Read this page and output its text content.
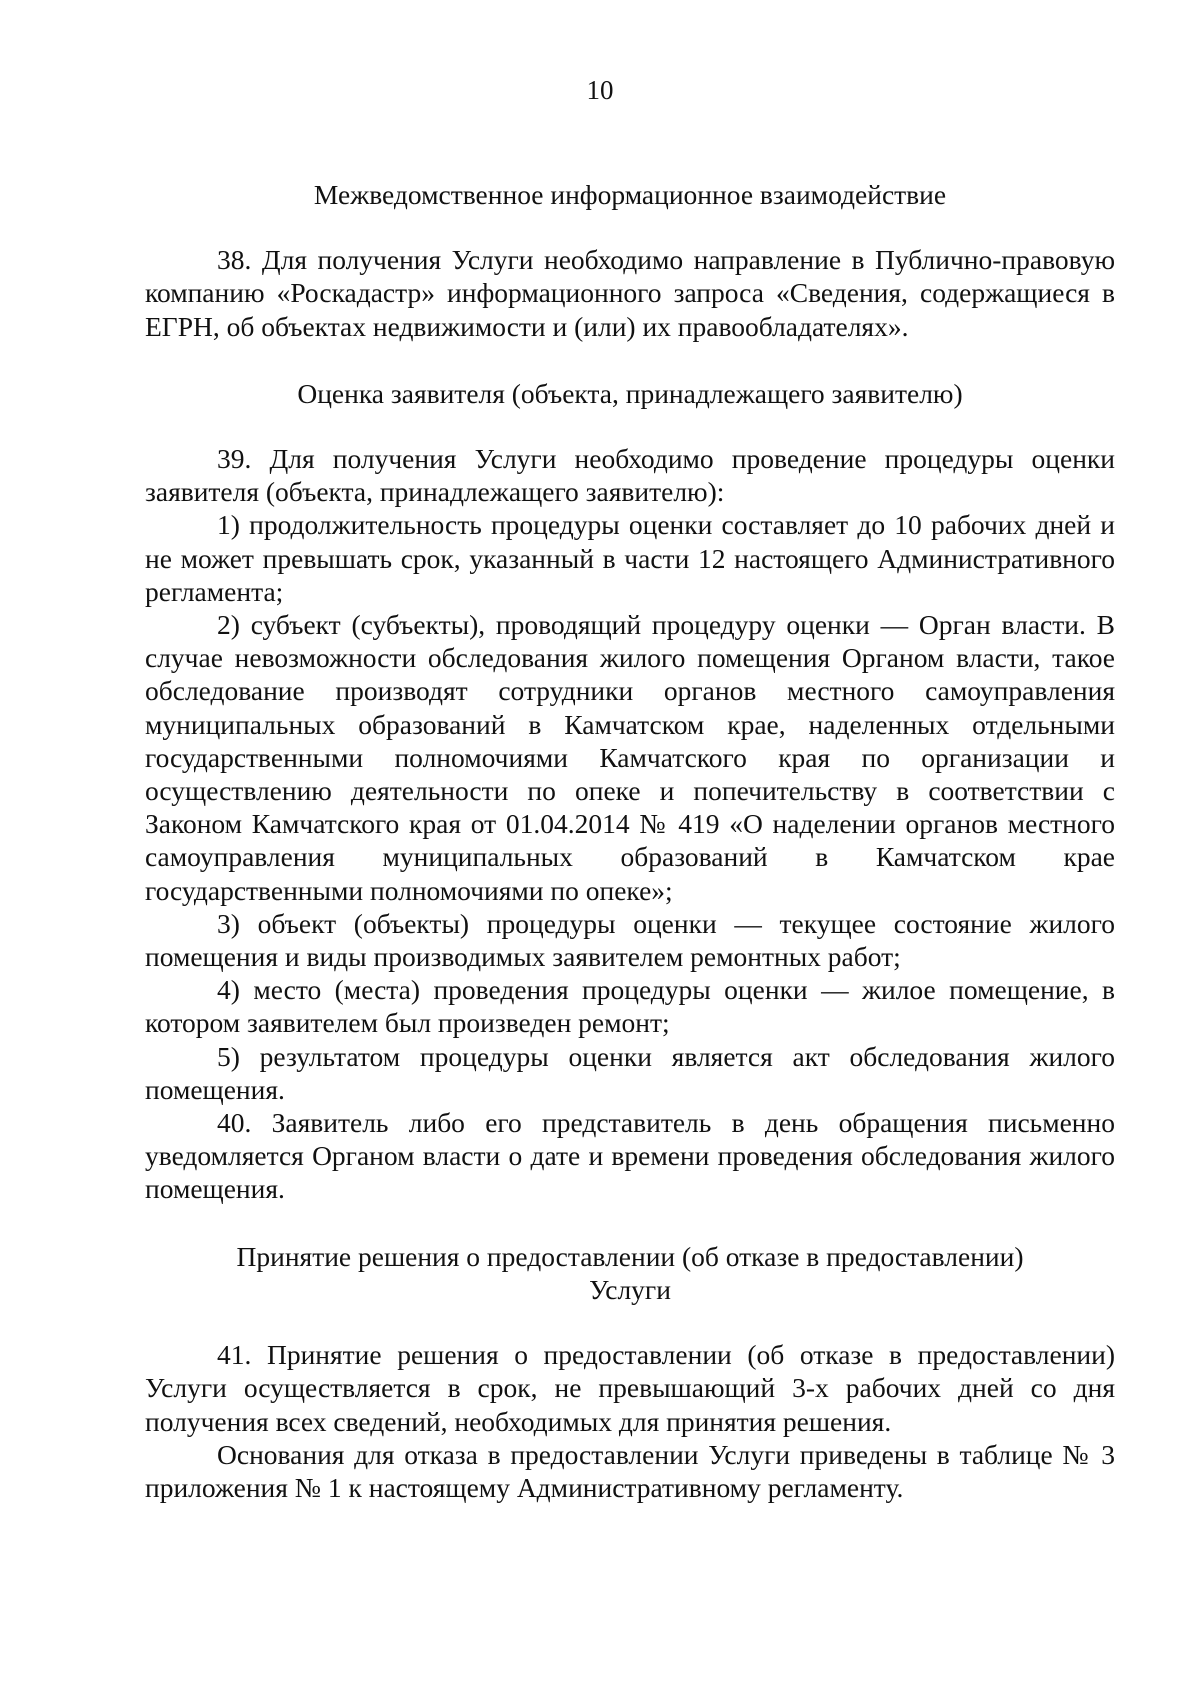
10

Межведомственное информационное взаимодействие

38. Для получения Услуги необходимо направление в Публично-правовую компанию «Роскадастр» информационного запроса «Сведения, содержащиеся в ЕГРН, об объектах недвижимости и (или) их правообладателях».

Оценка заявителя (объекта, принадлежащего заявителю)

39. Для получения Услуги необходимо проведение процедуры оценки заявителя (объекта, принадлежащего заявителю):

1) продолжительность процедуры оценки составляет до 10 рабочих дней и не может превышать срок, указанный в части 12 настоящего Административного регламента;

2) субъект (субъекты), проводящий процедуру оценки — Орган власти. В случае невозможности обследования жилого помещения Органом власти, такое обследование производят сотрудники органов местного самоуправления муниципальных образований в Камчатском крае, наделенных отдельными государственными полномочиями Камчатского края по организации и осуществлению деятельности по опеке и попечительству в соответствии с Законом Камчатского края от 01.04.2014 № 419 «О наделении органов местного самоуправления муниципальных образований в Камчатском крае государственными полномочиями по опеке»;

3) объект (объекты) процедуры оценки — текущее состояние жилого помещения и виды производимых заявителем ремонтных работ;

4) место (места) проведения процедуры оценки — жилое помещение, в котором заявителем был произведен ремонт;

5) результатом процедуры оценки является акт обследования жилого помещения.

40. Заявитель либо его представитель в день обращения письменно уведомляется Органом власти о дате и времени проведения обследования жилого помещения.

Принятие решения о предоставлении (об отказе в предоставлении)
Услуги

41. Принятие решения о предоставлении (об отказе в предоставлении) Услуги осуществляется в срок, не превышающий 3-х рабочих дней со дня получения всех сведений, необходимых для принятия решения.

Основания для отказа в предоставлении Услуги приведены в таблице № 3 приложения № 1 к настоящему Административному регламенту.
